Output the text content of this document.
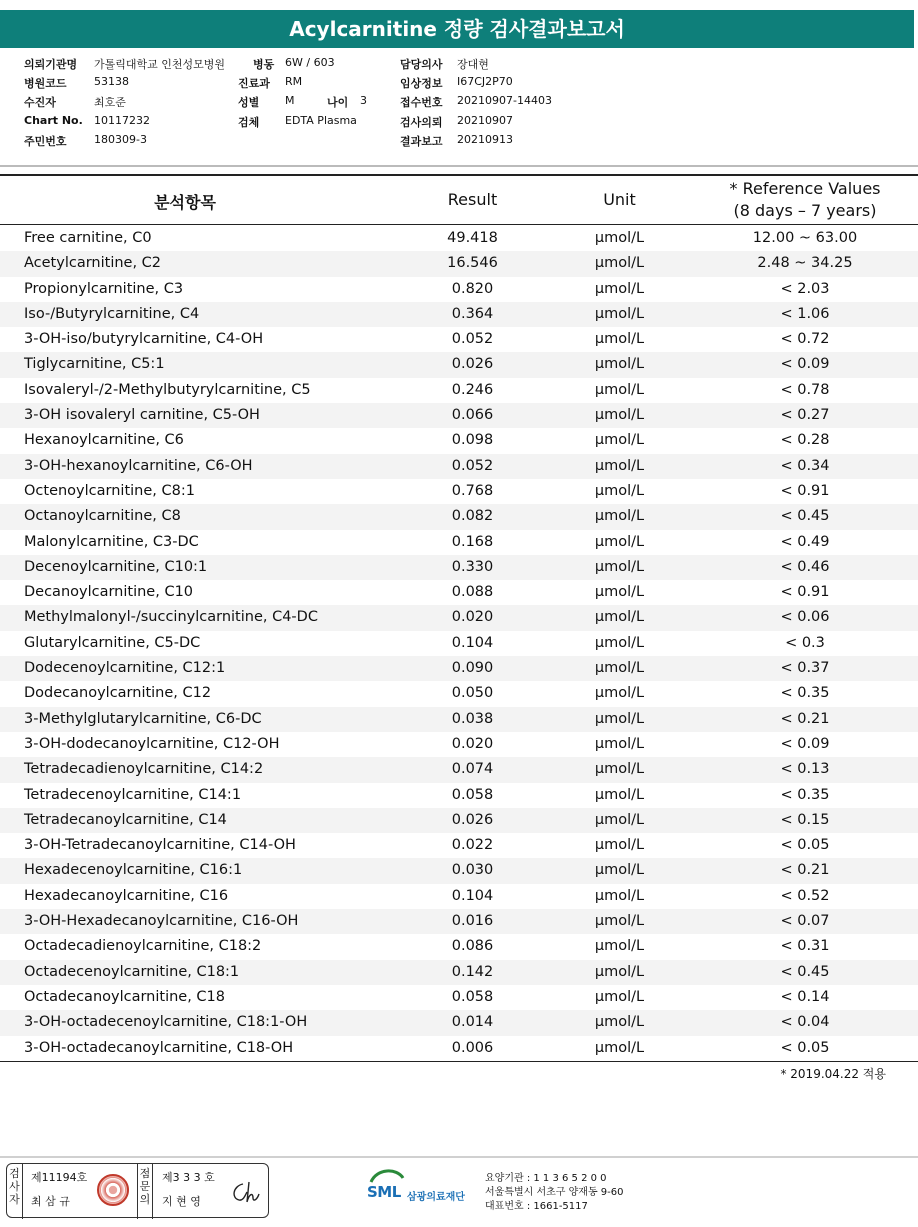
Acylcarnitine 정량 검사결과보고서
의뢰기관명 가톨릭대학교 인천성모병원	병동 6W / 603	담당의사 장대현
병원코드 53138	진료과 RM	임상정보 I67CJ2P70
수진자	최호준	성별 M	나이 3	접수번호 20210907-14403
Chart No. 10117232	검체 EDTA Plasma	검사의뢰 20210907
주민번호 180309-3	결과보고 20210913
분석항목	Result	Unit
* Reference Values
(8 days – 7 years)
Free carnitine, C0	49.418	μmol/L	12.00 ~ 63.00
Acetylcarnitine, C2	16.546	μmol/L	2.48 ~ 34.25
Propionylcarnitine, C3	0.820	μmol/L	< 2.03
Iso-/Butyrylcarnitine, C4	0.364	μmol/L	< 1.06
3-OH-iso/butyrylcarnitine, C4-OH	0.052	μmol/L	< 0.72
Tiglycarnitine, C5:1	0.026	μmol/L	< 0.09
Isovaleryl-/2-Methylbutyrylcarnitine, C5	0.246	μmol/L	< 0.78
3-OH isovaleryl carnitine, C5-OH	0.066	μmol/L	< 0.27
Hexanoylcarnitine, C6	0.098	μmol/L	< 0.28
3-OH-hexanoylcarnitine, C6-OH	0.052	μmol/L	< 0.34
Octenoylcarnitine, C8:1	0.768	μmol/L	< 0.91
Octanoylcarnitine, C8	0.082	μmol/L	< 0.45
Malonylcarnitine, C3-DC	0.168	μmol/L	< 0.49
Decenoylcarnitine, C10:1	0.330	μmol/L	< 0.46
Decanoylcarnitine, C10	0.088	μmol/L	< 0.91
Methylmalonyl-/succinylcarnitine, C4-DC	0.020	μmol/L	< 0.06
Glutarylcarnitine, C5-DC	0.104	μmol/L	< 0.3
Dodecenoylcarnitine, C12:1	0.090	μmol/L	< 0.37
Dodecanoylcarnitine, C12	0.050	μmol/L	< 0.35
3-Methylglutarylcarnitine, C6-DC	0.038	μmol/L	< 0.21
3-OH-dodecanoylcarnitine, C12-OH	0.020	μmol/L	< 0.09
Tetradecadienoylcarnitine, C14:2	0.074	μmol/L	< 0.13
Tetradecenoylcarnitine, C14:1	0.058	μmol/L	< 0.35
Tetradecanoylcarnitine, C14	0.026	μmol/L	< 0.15
3-OH-Tetradecanoylcarnitine, C14-OH	0.022	μmol/L	< 0.05
Hexadecenoylcarnitine, C16:1	0.030	μmol/L	< 0.21
Hexadecanoylcarnitine, C16	0.104	μmol/L	< 0.52
3-OH-Hexadecanoylcarnitine, C16-OH	0.016	μmol/L	< 0.07
Octadecadienoylcarnitine, C18:2	0.086	μmol/L	< 0.31
Octadecenoylcarnitine, C18:1	0.142	μmol/L	< 0.45
Octadecanoylcarnitine, C18	0.058	μmol/L	< 0.14
3-OH-octadecenoylcarnitine, C18:1-OH	0.014	μmol/L	< 0.04
3-OH-octadecanoylcarnitine, C18-OH	0.006	μmol/L	< 0.05
* 2019.04.22 적용
검사자
제11194호
최 삼 규
점문의
제3 3 3 호
지 현 영
SML 삼광의료재단
요양기관 : 1 1 3 6 5 2 0 0
서울특별시 서초구 양재동 9-60
대표번호 : 1661-5117
